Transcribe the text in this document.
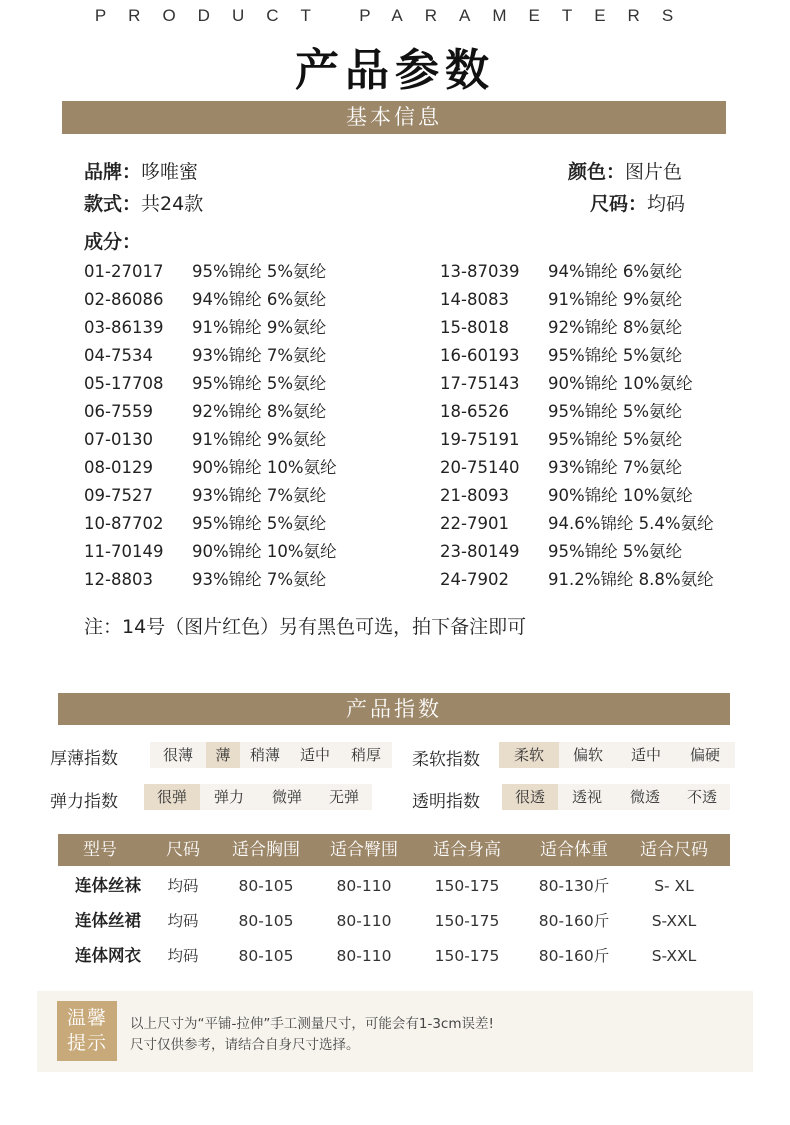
PRODUCT PARAMETERS
产品参数
基本信息
品牌：哆唯蜜	颜色：图片色
款式：共24款	尺码：均码
成分：
01-27017 95%锦纶 5%氨纶
02-86086 94%锦纶 6%氨纶
03-86139 91%锦纶 9%氨纶
04-7534 93%锦纶 7%氨纶
05-17708 95%锦纶 5%氨纶
06-7559 92%锦纶 8%氨纶
07-0130 91%锦纶 9%氨纶
08-0129 90%锦纶 10%氨纶
09-7527 93%锦纶 7%氨纶
10-87702 95%锦纶 5%氨纶
11-70149 90%锦纶 10%氨纶
12-8803 93%锦纶 7%氨纶
13-87039 94%锦纶 6%氨纶
14-8083 91%锦纶 9%氨纶
15-8018 92%锦纶 8%氨纶
16-60193 95%锦纶 5%氨纶
17-75143 90%锦纶 10%氨纶
18-6526 95%锦纶 5%氨纶
19-75191 95%锦纶 5%氨纶
20-75140 93%锦纶 7%氨纶
21-8093 90%锦纶 10%氨纶
22-7901 94.6%锦纶 5.4%氨纶
23-80149 95%锦纶 5%氨纶
24-7902 91.2%锦纶 8.8%氨纶
注：14号（图片红色）另有黑色可选，拍下备注即可
产品指数
厚薄指数	很薄	薄	稍薄	适中	稍厚	柔软指数	柔软	偏软	适中	偏硬
弹力指数	很弹	弹力	微弹	无弹	透明指数	很透	透视	微透	不透
型号	尺码	适合胸围	适合臀围	适合身高	适合体重	适合尺码
连体丝袜	均码	80-105	80-110	150-175	80-130斤	S- XL
连体丝裙	均码	80-105	80-110	150-175	80-160斤	S-XXL
连体网衣	均码	80-105	80-110	150-175	80-160斤	S-XXL
温馨
提示
以上尺寸为“平铺-拉伸”手工测量尺寸，可能会有1-3cm误差!
尺寸仅供参考，请结合自身尺寸选择。
